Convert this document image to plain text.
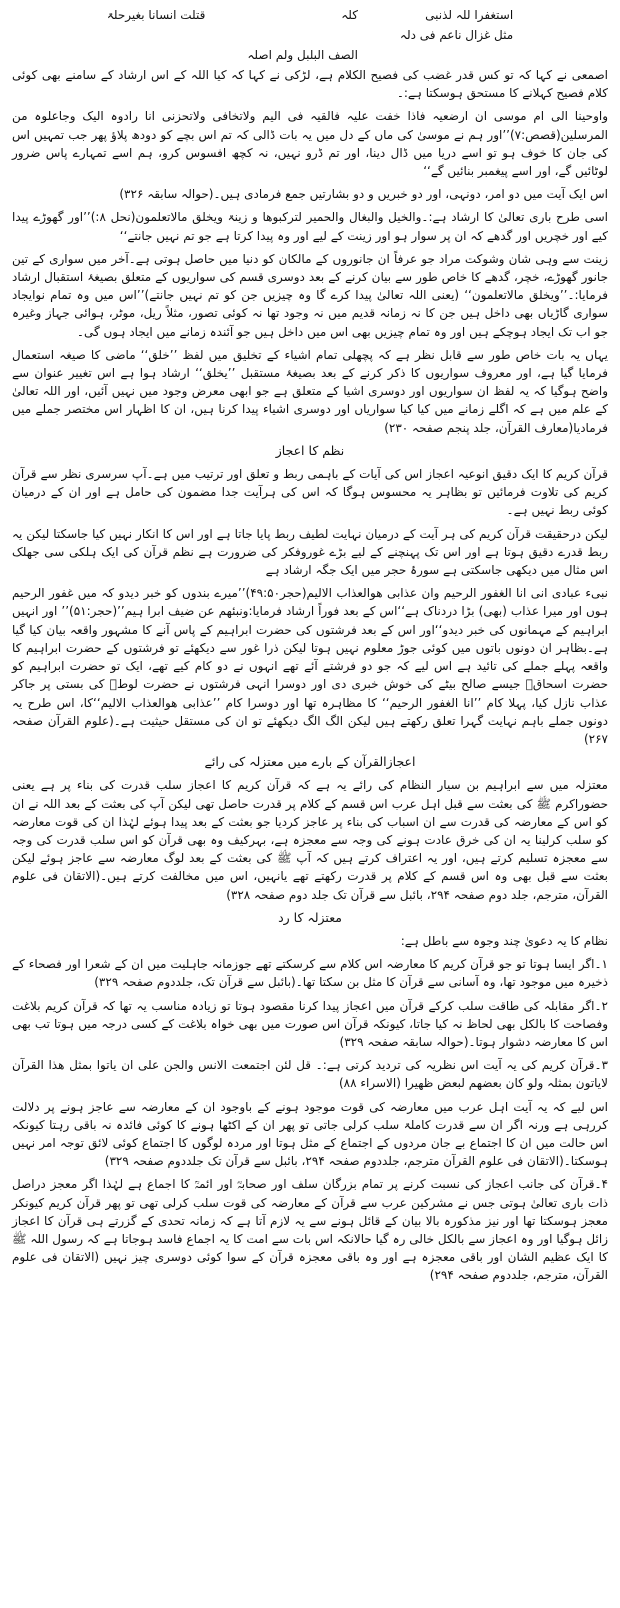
استغفرا للہ لذنبی
کلہ
قتلت انسانا بغیرحلۃ
مثل غزال ناعم فی دلہ
الصف البلبل ولم اصلہ

اصمعی نے کہا کہ تو کس قدر غضب کی فصیح الکلام ہے، لڑکی نے کہا کہ کیا اللہ کے اس ارشاد کے سامنے بھی کوئی کلام فصیح کہلانے کا مستحق ہوسکتا ہے:۔

واوحینا الی ام موسی ان ارضعیہ فاذا خفت علیہ فالقیہ فی الیم ولاتخافی ولاتحزنی انا رادوہ الیک وجاعلوہ من المرسلین(قصص:۷)’’اور ہم نے موسیٰ کی ماں کے دل میں یہ بات ڈالی کہ تم اس بچے کو دودھ پلاؤ پھر جب تمہیں اس کی جان کا خوف ہو تو اسے دریا میں ڈال دینا، اور تم ڈرو نہیں، نہ کچھ افسوس کرو، ہم اسے تمہارے پاس ضرور لوٹائیں گے، اور اسے پیغمبر بنائیں گے‘‘

اس ایک آیت میں دو امر، دونہی، اور دو خبریں و دو بشارتیں جمع فرمادی ہیں۔(حوالہ سابقہ ۳۲۶)

اسی طرح باری تعالیٰ کا ارشاد ہے:۔والخیل والبغال والحمیر لترکبوھا و زینۃ ویخلق مالاتعلمون(نحل ۸:)’’اور گھوڑے پیدا کیے اور خچریں اور گدھے کہ ان پر سوار ہو اور زینت کے لیے اور وہ پیدا کرتا ہے جو تم نہیں جانتے‘‘

زینت سے وہی شان وشوکت مراد جو عرفاً ان جانوروں کے مالکان کو دنیا میں حاصل ہوتی ہے۔آخر میں سواری کے تین جانور گھوڑے، خچر، گدھے کا خاص طور سے بیان کرنے کے بعد دوسری قسم کی سواریوں کے متعلق بصیغۂ استقبال ارشاد فرمایا:۔’’ویخلق مالاتعلمون‘‘ (یعنی اللہ تعالیٰ پیدا کرے گا وہ چیزیں جن کو تم نہیں جانتے)’’اس میں وہ تمام نوایجاد سواری گاڑیاں بھی داخل ہیں جن کا نہ زمانہ قدیم میں نہ وجود تھا نہ کوئی تصور، مثلاً ریل، موٹر، ہوائی جہاز وغیرہ جو اب تک ایجاد ہوچکے ہیں اور وہ تمام چیزیں بھی اس میں داخل ہیں جو آئندہ زمانے میں ایجاد ہوں گی۔

یہاں یہ بات خاص طور سے قابل نظر ہے کہ پچھلی تمام اشیاء کے تخلیق میں لفظ ’’خلق‘‘ ماضی کا صیغہ استعمال فرمایا گیا ہے، اور معروف سواریوں کا ذکر کرنے کے بعد بصیغۂ مستقبل ’’یخلق‘‘ ارشاد ہوا ہے اس تغییر عنوان سے واضح ہوگیا کہ یہ لفظ ان سواریوں اور دوسری اشیا کے متعلق ہے جو ابھی معرض وجود میں نہیں آئیں، اور اللہ تعالیٰ کے علم میں ہے کہ اگلے زمانے میں کیا کیا سواریاں اور دوسری اشیاء پیدا کرنا ہیں، ان کا اظہار اس مختصر جملے میں فرمادیا(معارف القرآن، جلد پنجم صفحہ ۲۳۰)

نظم کا اعجاز

قرآن کریم کا ایک دقیق انوعیہ اعجاز اس کی آیات کے باہمی ربط و تعلق اور ترتیب میں ہے۔آپ سرسری نظر سے قرآن کریم کی تلاوت فرمائیں تو بظاہر یہ محسوس ہوگا کہ اس کی ہرآیت جدا مضمون کی حامل ہے اور ان کے درمیان کوئی ربط نہیں ہے۔

لیکن درحقیقت قرآن کریم کی ہر آیت کے درمیان نہایت لطیف ربط پایا جاتا ہے اور اس کا انکار نہیں کیا جاسکتا لیکن یہ ربط قدرے دقیق ہوتا ہے اور اس تک پہنچنے کے لیے بڑے غوروفکر کی ضرورت ہے نظم قرآن کی ایک ہلکی سی جھلک اس مثال میں دیکھی جاسکتی ہے سورۂ حجر میں ایک جگہ ارشاد ہے

نبیء عبادی انی انا الغفور الرحیم وان عذابی ھوالعذاب الالیم(حجر۴۹:۵۰)’’میرے بندوں کو خبر دیدو کہ میں غفور الرحیم ہوں اور میرا عذاب (بھی) بڑا دردناک ہے‘‘اس کے بعد فوراً ارشاد فرمایا:ونبئھم عن ضیف ابرا ہیم’’(حجر:۵۱)’’ اور انہیں ابراہیم کے مہمانوں کی خبر دیدو‘‘اور اس کے بعد فرشتوں کی حضرت ابراہیم کے پاس آنے کا مشہور واقعہ بیان کیا گیا ہے۔بظاہر ان دونوں باتوں میں کوئی جوڑ معلوم نہیں ہوتا لیکن ذرا غور سے دیکھئے تو فرشتوں کے حضرت ابراہیم کا واقعہ پہلے جملے کی تائید ہے اس لیے کہ جو دو فرشتے آئے تھے انہوں نے دو کام کیے تھے، ایک تو حضرت ابراہیم کو حضرت اسحاقؑ جیسے صالح بیٹے کی خوش خبری دی اور دوسرا انہی فرشتوں نے حضرت لوطؑ کی بستی پر جاکر عذاب نازل کیا، پہلا کام ’’انا الغفور الرحیم‘‘ کا مظاہرہ تھا اور دوسرا کام ’’عذابی ھوالعذاب الالیم‘‘کا، اس طرح یہ دونوں جملے باہم نہایت گہرا تعلق رکھتے ہیں لیکن الگ الگ دیکھئے تو ان کی مستقل حیثیت ہے۔(علوم القرآن صفحہ ۲۶۷)

اعجازالقرآن کے بارے میں معتزلہ کی رائے

معتزلہ میں سے ابراہیم بن سیار النظام کی رائے یہ ہے کہ قرآن کریم کا اعجاز سلب قدرت کی بناء پر ہے یعنی حضوراکرم ﷺ کی بعثت سے قبل اہل عرب اس قسم کے کلام پر قدرت حاصل تھی لیکن آپ کی بعثت کے بعد اللہ نے ان کو اس کے معارضہ کی قدرت سے ان اسباب کی بناء پر عاجز کردیا جو بعثت کے بعد پیدا ہوئے لہٰذا ان کی قوت معارضہ کو سلب کرلینا یہ ان کی خرق عادت ہونے کی وجہ سے معجزہ ہے، بہرکیف وہ بھی قرآن کو اس سلب قدرت کی وجہ سے معجزہ تسلیم کرتے ہیں، اور یہ اعتراف کرتے ہیں کہ آپ ﷺ کی بعثت کے بعد لوگ معارضہ سے عاجز ہوئے لیکن بعثت سے قبل بھی وہ اس قسم کے کلام پر قدرت رکھتے تھے یانہیں، اس میں مخالفت کرتے ہیں۔(الاتقان فی علوم القرآن، مترجم، جلد دوم صفحہ ۲۹۴، بائبل سے قرآن تک جلد دوم صفحہ ۳۲۸)

معتزلہ کا رد

نظام کا یہ دعویٰ چند وجوہ سے باطل ہے:

۱۔اگر ایسا ہوتا تو جو قرآن کریم کا معارضہ اس کلام سے کرسکتے تھے جوزمانہ جاہلیت میں ان کے شعرا اور فصحاء کے ذخیرہ میں موجود تھا، وہ آسانی سے قرآن کا مثل بن سکتا تھا۔(بائبل سے قرآن تک، جلددوم صفحہ ۳۲۹)

۲۔اگر مقابلہ کی طاقت سلب کرکے قرآن میں اعجاز پیدا کرنا مقصود ہوتا تو زیادہ مناسب یہ تھا کہ قرآن کریم بلاغت وفصاحت کا بالکل بھی لحاظ نہ کیا جاتا، کیونکہ قرآن اس صورت میں بھی خواہ بلاغت کے کسی درجہ میں ہوتا تب بھی اس کا معارضہ دشوار ہوتا۔(حوالہ سابقہ صفحہ ۳۲۹)

۳۔قرآن کریم کی یہ آیت اس نظریہ کی تردید کرتی ہے:۔ قل لئن اجتمعت الانس والجن علی ان یاتوا بمثل ھذا القرآن لایاتون بمثلہ ولو کان بعضھم لبعض ظھیرا (الاسراء ۸۸)

اس لیے کہ یہ آیت اہل عرب میں معارضہ کی قوت موجود ہونے کے باوجود ان کے معارضہ سے عاجز ہونے پر دلالت کررہی ہے ورنہ اگر ان سے قدرت کاملۃ سلب کرلی جاتی تو پھر ان کے اکٹھا ہونے کا کوئی فائدہ نہ باقی رہتا کیونکہ اس حالت میں ان کا اجتماع بے جان مردوں کے اجتماع کے مثل ہوتا اور مردہ لوگوں کا اجتماع کوئی لائق توجہ امر نہیں ہوسکتا۔(الاتقان فی علوم القرآن مترجم، جلددوم صفحہ ۲۹۴، بائبل سے قرآن تک جلددوم صفحہ ۳۲۹)

۴۔قرآن کی جانب اعجاز کی نسبت کرنے پر تمام بزرگان سلف اور صحابہؓ اور ائمہؒ کا اجماع ہے لہٰذا اگر معجز دراصل ذات باری تعالیٰ ہوتی جس نے مشرکین عرب سے قرآن کے معارضہ کی قوت سلب کرلی تھی تو پھر قرآن کریم کیونکر معجز ہوسکتا تھا اور نیز مذکورہ بالا بیان کے قائل ہونے سے یہ لازم آتا ہے کہ زمانہ تحدی کے گزرتے ہی قرآن کا اعجاز زائل ہوگیا اور وہ اعجاز سے بالکل خالی رہ گیا حالانکہ اس بات سے امت کا یہ اجماع فاسد ہوجاتا ہے کہ رسول اللہ ﷺ کا ایک عظیم الشان اور باقی معجزہ ہے اور وہ باقی معجزہ قرآن کے سوا کوئی دوسری چیز نہیں (الاتقان فی علوم القرآن، مترجم، جلددوم صفحہ ۲۹۴)
